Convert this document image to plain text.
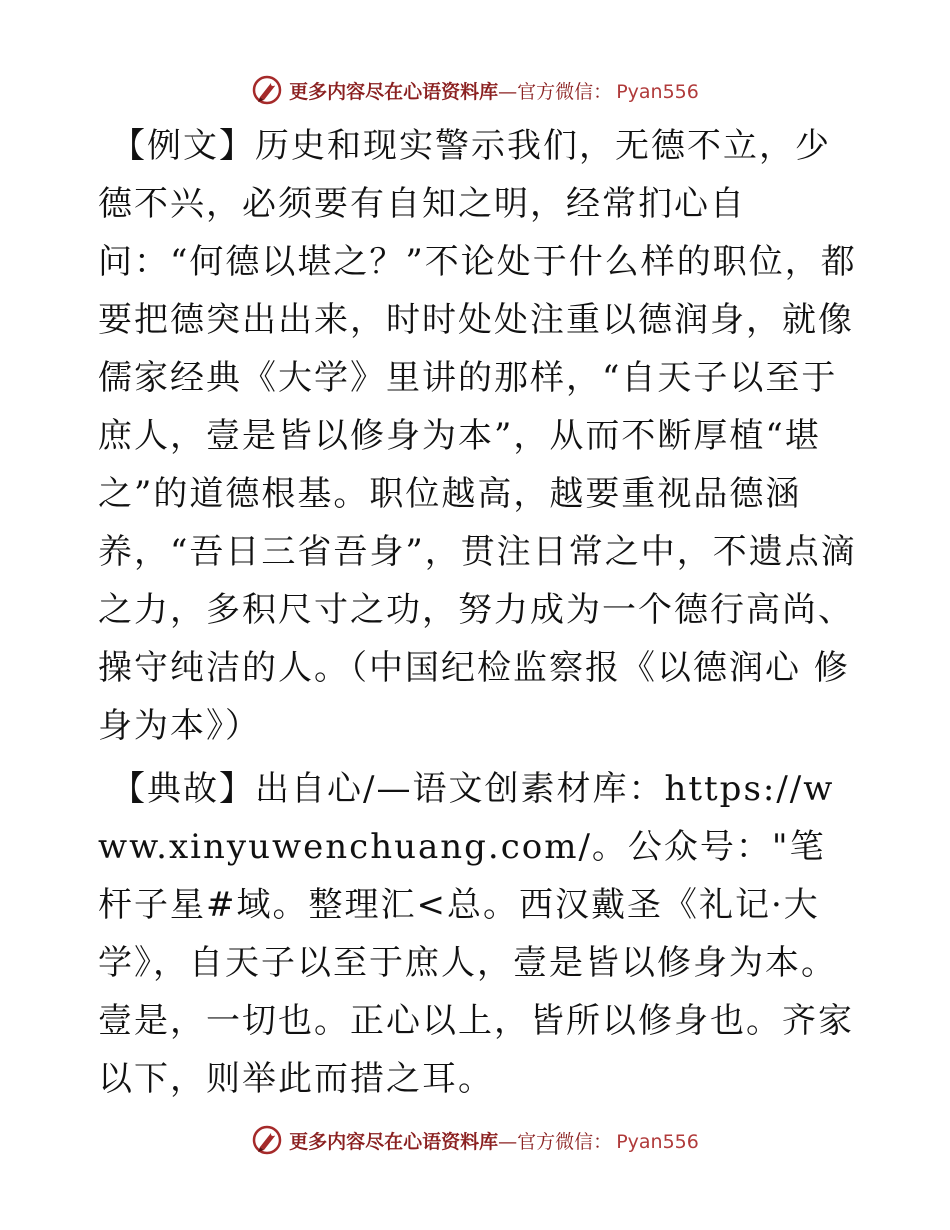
更多内容尽在心语资料库—官方微信： Pyan556

【例文】历史和现实警示我们，无德不立，少德不兴，必须要有自知之明，经常扪心自问：“何德以堪之？”不论处于什么样的职位，都要把德突出出来，时时处处注重以德润身，就像儒家经典《大学》里讲的那样，“自天子以至于庶人，壹是皆以修身为本”，从而不断厚植“堪之”的道德根基。职位越高，越要重视品德涵养，“吾日三省吾身”，贯注日常之中，不遗点滴之力，多积尺寸之功，努力成为一个德行高尚、操守纯洁的人。（中国纪检监察报《以德润心 修身为本》）

【典故】出自心/—语文创素材库：https://www.xinyuwenchuang.com/。公众号："笔杆子星#域。整理汇<总。西汉戴圣《礼记·大学》，自天子以至于庶人，壹是皆以修身为本。壹是，一切也。正心以上，皆所以修身也。齐家以下，则举此而措之耳。

更多内容尽在心语资料库—官方微信： Pyan556
